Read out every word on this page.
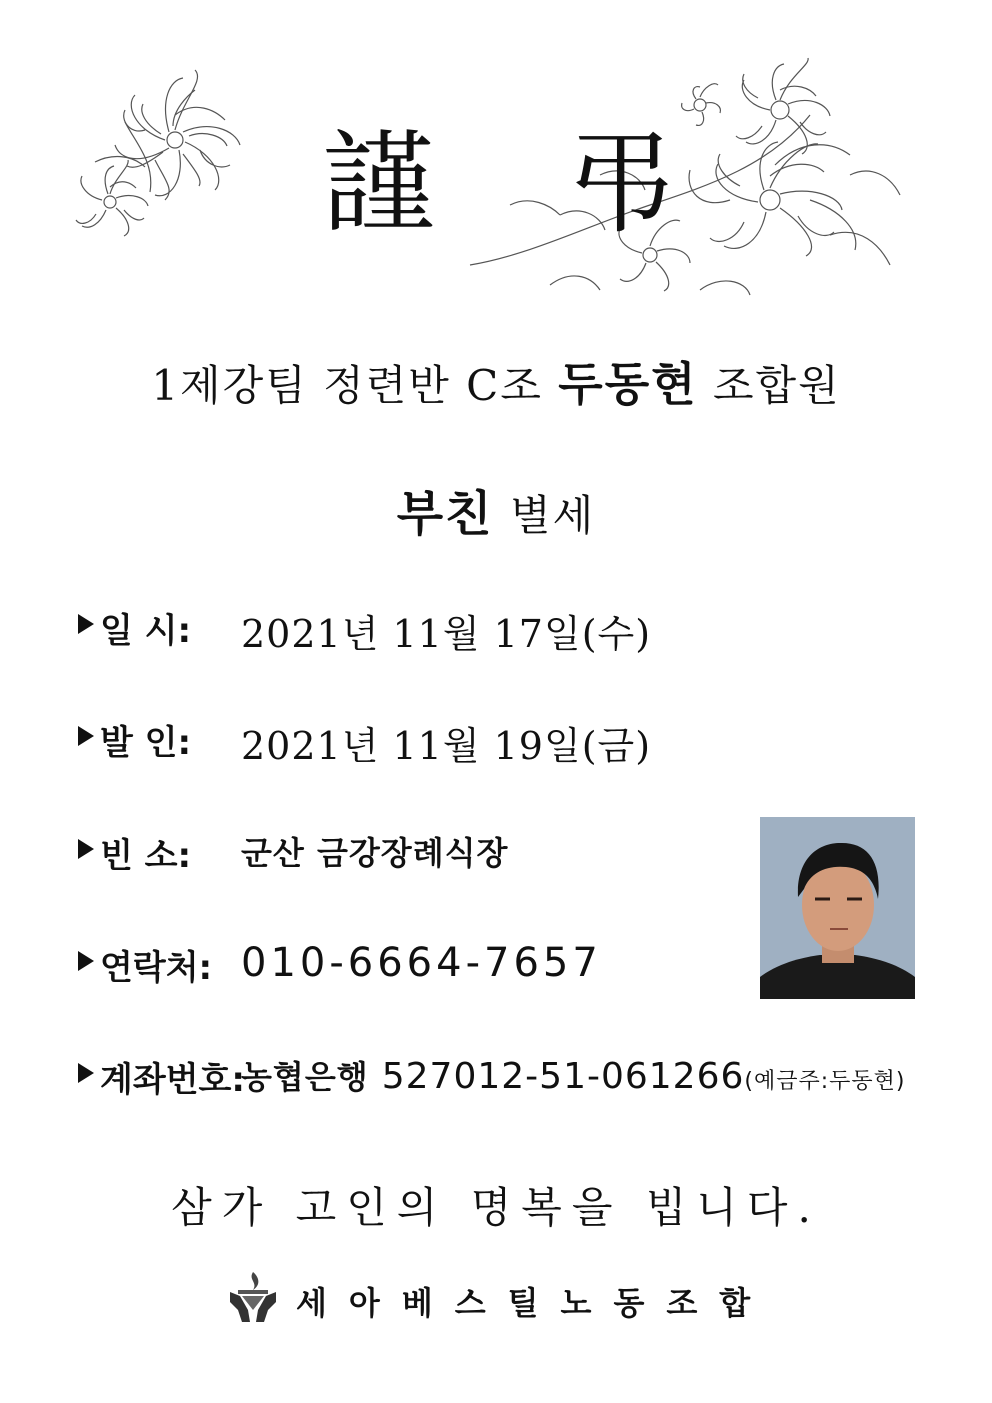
謹 弔
1제강팀 정련반 C조 두동현 조합원
부친 별세
일 시: 2021년 11월 17일(수)
발 인: 2021년 11월 19일(금)
빈 소: 군산 금강장례식장
연락처: 010-6664-7657
계좌번호:
농협은행 527012-51-061266(예금주:두동현)
삼가 고인의 명복을 빕니다.
세아베스틸노동조합
